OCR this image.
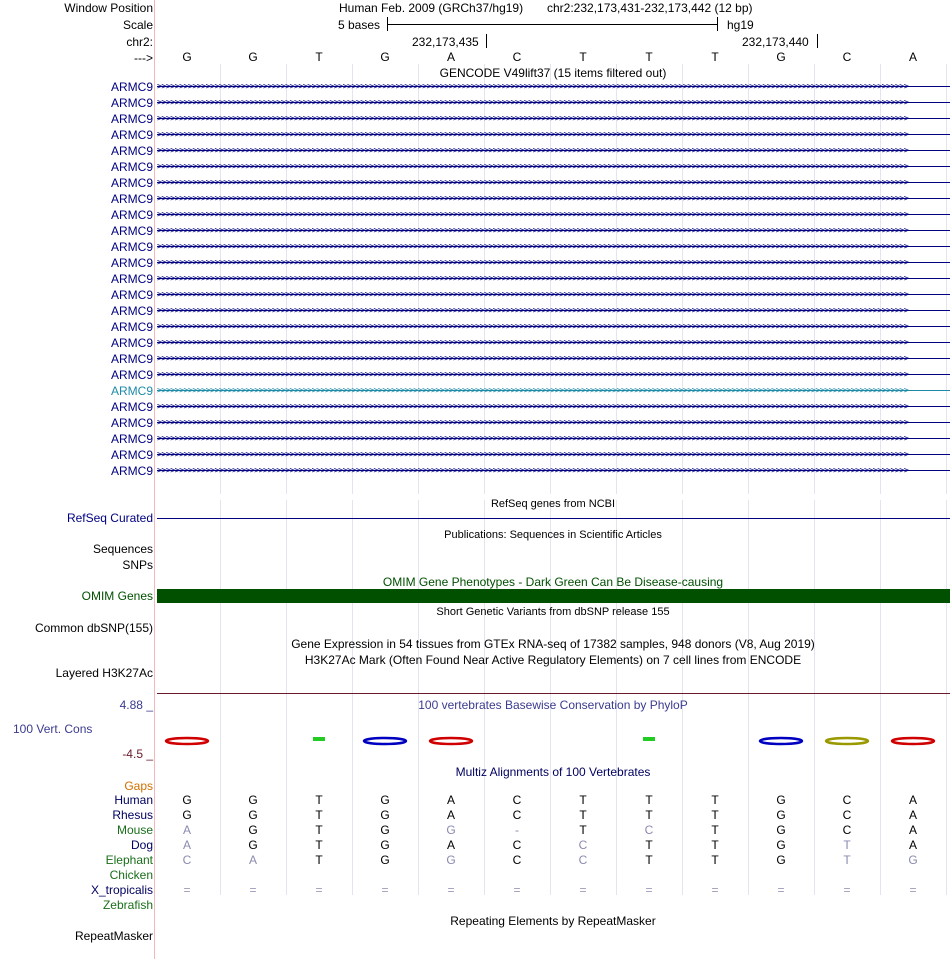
Window Position	Human Feb. 2009 (GRCh37/hg19) chr2:232,173,431-232,173,442 (12 bp)
Scale	5 bases	hg19
chr2:	232,173,435	232,173,440
--->	G	G	T	G	A	C	T	T	T	G	C	A
GENCODE V49lift37 (15 items filtered out)
ARMC9 >>>>>>>>>>>>>>>>>>>>>>>>>>>>>>>>>>>>>>>>>>>>>>>>>>>>>>>>>>>>>>>>>>>>>>>>>>>>>>>>>>>>>>>>>>>>>>>>>>>>>>>>>>>>>>>>>>>>>>>>>>>>>>>>>>>>>>>>>>>>>>>>>>>>>>>>>>>>>>>>>>>>>>>>>>
ARMC9 >>>>>>>>>>>>>>>>>>>>>>>>>>>>>>>>>>>>>>>>>>>>>>>>>>>>>>>>>>>>>>>>>>>>>>>>>>>>>>>>>>>>>>>>>>>>>>>>>>>>>>>>>>>>>>>>>>>>>>>>>>>>>>>>>>>>>>>>>>>>>>>>>>>>>>>>>>>>>>>>>>>>>>>>>>
ARMC9 >>>>>>>>>>>>>>>>>>>>>>>>>>>>>>>>>>>>>>>>>>>>>>>>>>>>>>>>>>>>>>>>>>>>>>>>>>>>>>>>>>>>>>>>>>>>>>>>>>>>>>>>>>>>>>>>>>>>>>>>>>>>>>>>>>>>>>>>>>>>>>>>>>>>>>>>>>>>>>>>>>>>>>>>>>
ARMC9 >>>>>>>>>>>>>>>>>>>>>>>>>>>>>>>>>>>>>>>>>>>>>>>>>>>>>>>>>>>>>>>>>>>>>>>>>>>>>>>>>>>>>>>>>>>>>>>>>>>>>>>>>>>>>>>>>>>>>>>>>>>>>>>>>>>>>>>>>>>>>>>>>>>>>>>>>>>>>>>>>>>>>>>>>>
ARMC9 >>>>>>>>>>>>>>>>>>>>>>>>>>>>>>>>>>>>>>>>>>>>>>>>>>>>>>>>>>>>>>>>>>>>>>>>>>>>>>>>>>>>>>>>>>>>>>>>>>>>>>>>>>>>>>>>>>>>>>>>>>>>>>>>>>>>>>>>>>>>>>>>>>>>>>>>>>>>>>>>>>>>>>>>>>
ARMC9 >>>>>>>>>>>>>>>>>>>>>>>>>>>>>>>>>>>>>>>>>>>>>>>>>>>>>>>>>>>>>>>>>>>>>>>>>>>>>>>>>>>>>>>>>>>>>>>>>>>>>>>>>>>>>>>>>>>>>>>>>>>>>>>>>>>>>>>>>>>>>>>>>>>>>>>>>>>>>>>>>>>>>>>>>>
ARMC9 >>>>>>>>>>>>>>>>>>>>>>>>>>>>>>>>>>>>>>>>>>>>>>>>>>>>>>>>>>>>>>>>>>>>>>>>>>>>>>>>>>>>>>>>>>>>>>>>>>>>>>>>>>>>>>>>>>>>>>>>>>>>>>>>>>>>>>>>>>>>>>>>>>>>>>>>>>>>>>>>>>>>>>>>>>
ARMC9 >>>>>>>>>>>>>>>>>>>>>>>>>>>>>>>>>>>>>>>>>>>>>>>>>>>>>>>>>>>>>>>>>>>>>>>>>>>>>>>>>>>>>>>>>>>>>>>>>>>>>>>>>>>>>>>>>>>>>>>>>>>>>>>>>>>>>>>>>>>>>>>>>>>>>>>>>>>>>>>>>>>>>>>>>>
ARMC9 >>>>>>>>>>>>>>>>>>>>>>>>>>>>>>>>>>>>>>>>>>>>>>>>>>>>>>>>>>>>>>>>>>>>>>>>>>>>>>>>>>>>>>>>>>>>>>>>>>>>>>>>>>>>>>>>>>>>>>>>>>>>>>>>>>>>>>>>>>>>>>>>>>>>>>>>>>>>>>>>>>>>>>>>>>
ARMC9 >>>>>>>>>>>>>>>>>>>>>>>>>>>>>>>>>>>>>>>>>>>>>>>>>>>>>>>>>>>>>>>>>>>>>>>>>>>>>>>>>>>>>>>>>>>>>>>>>>>>>>>>>>>>>>>>>>>>>>>>>>>>>>>>>>>>>>>>>>>>>>>>>>>>>>>>>>>>>>>>>>>>>>>>>>
ARMC9 >>>>>>>>>>>>>>>>>>>>>>>>>>>>>>>>>>>>>>>>>>>>>>>>>>>>>>>>>>>>>>>>>>>>>>>>>>>>>>>>>>>>>>>>>>>>>>>>>>>>>>>>>>>>>>>>>>>>>>>>>>>>>>>>>>>>>>>>>>>>>>>>>>>>>>>>>>>>>>>>>>>>>>>>>>
ARMC9 >>>>>>>>>>>>>>>>>>>>>>>>>>>>>>>>>>>>>>>>>>>>>>>>>>>>>>>>>>>>>>>>>>>>>>>>>>>>>>>>>>>>>>>>>>>>>>>>>>>>>>>>>>>>>>>>>>>>>>>>>>>>>>>>>>>>>>>>>>>>>>>>>>>>>>>>>>>>>>>>>>>>>>>>>>
ARMC9 >>>>>>>>>>>>>>>>>>>>>>>>>>>>>>>>>>>>>>>>>>>>>>>>>>>>>>>>>>>>>>>>>>>>>>>>>>>>>>>>>>>>>>>>>>>>>>>>>>>>>>>>>>>>>>>>>>>>>>>>>>>>>>>>>>>>>>>>>>>>>>>>>>>>>>>>>>>>>>>>>>>>>>>>>>
ARMC9 >>>>>>>>>>>>>>>>>>>>>>>>>>>>>>>>>>>>>>>>>>>>>>>>>>>>>>>>>>>>>>>>>>>>>>>>>>>>>>>>>>>>>>>>>>>>>>>>>>>>>>>>>>>>>>>>>>>>>>>>>>>>>>>>>>>>>>>>>>>>>>>>>>>>>>>>>>>>>>>>>>>>>>>>>>
ARMC9 >>>>>>>>>>>>>>>>>>>>>>>>>>>>>>>>>>>>>>>>>>>>>>>>>>>>>>>>>>>>>>>>>>>>>>>>>>>>>>>>>>>>>>>>>>>>>>>>>>>>>>>>>>>>>>>>>>>>>>>>>>>>>>>>>>>>>>>>>>>>>>>>>>>>>>>>>>>>>>>>>>>>>>>>>>
ARMC9 >>>>>>>>>>>>>>>>>>>>>>>>>>>>>>>>>>>>>>>>>>>>>>>>>>>>>>>>>>>>>>>>>>>>>>>>>>>>>>>>>>>>>>>>>>>>>>>>>>>>>>>>>>>>>>>>>>>>>>>>>>>>>>>>>>>>>>>>>>>>>>>>>>>>>>>>>>>>>>>>>>>>>>>>>>
ARMC9 >>>>>>>>>>>>>>>>>>>>>>>>>>>>>>>>>>>>>>>>>>>>>>>>>>>>>>>>>>>>>>>>>>>>>>>>>>>>>>>>>>>>>>>>>>>>>>>>>>>>>>>>>>>>>>>>>>>>>>>>>>>>>>>>>>>>>>>>>>>>>>>>>>>>>>>>>>>>>>>>>>>>>>>>>>
ARMC9 >>>>>>>>>>>>>>>>>>>>>>>>>>>>>>>>>>>>>>>>>>>>>>>>>>>>>>>>>>>>>>>>>>>>>>>>>>>>>>>>>>>>>>>>>>>>>>>>>>>>>>>>>>>>>>>>>>>>>>>>>>>>>>>>>>>>>>>>>>>>>>>>>>>>>>>>>>>>>>>>>>>>>>>>>>
ARMC9 >>>>>>>>>>>>>>>>>>>>>>>>>>>>>>>>>>>>>>>>>>>>>>>>>>>>>>>>>>>>>>>>>>>>>>>>>>>>>>>>>>>>>>>>>>>>>>>>>>>>>>>>>>>>>>>>>>>>>>>>>>>>>>>>>>>>>>>>>>>>>>>>>>>>>>>>>>>>>>>>>>>>>>>>>>
ARMC9 >>>>>>>>>>>>>>>>>>>>>>>>>>>>>>>>>>>>>>>>>>>>>>>>>>>>>>>>>>>>>>>>>>>>>>>>>>>>>>>>>>>>>>>>>>>>>>>>>>>>>>>>>>>>>>>>>>>>>>>>>>>>>>>>>>>>>>>>>>>>>>>>>>>>>>>>>>>>>>>>>>>>>>>>>>
ARMC9 >>>>>>>>>>>>>>>>>>>>>>>>>>>>>>>>>>>>>>>>>>>>>>>>>>>>>>>>>>>>>>>>>>>>>>>>>>>>>>>>>>>>>>>>>>>>>>>>>>>>>>>>>>>>>>>>>>>>>>>>>>>>>>>>>>>>>>>>>>>>>>>>>>>>>>>>>>>>>>>>>>>>>>>>>>
ARMC9 >>>>>>>>>>>>>>>>>>>>>>>>>>>>>>>>>>>>>>>>>>>>>>>>>>>>>>>>>>>>>>>>>>>>>>>>>>>>>>>>>>>>>>>>>>>>>>>>>>>>>>>>>>>>>>>>>>>>>>>>>>>>>>>>>>>>>>>>>>>>>>>>>>>>>>>>>>>>>>>>>>>>>>>>>>
ARMC9 >>>>>>>>>>>>>>>>>>>>>>>>>>>>>>>>>>>>>>>>>>>>>>>>>>>>>>>>>>>>>>>>>>>>>>>>>>>>>>>>>>>>>>>>>>>>>>>>>>>>>>>>>>>>>>>>>>>>>>>>>>>>>>>>>>>>>>>>>>>>>>>>>>>>>>>>>>>>>>>>>>>>>>>>>>
ARMC9 >>>>>>>>>>>>>>>>>>>>>>>>>>>>>>>>>>>>>>>>>>>>>>>>>>>>>>>>>>>>>>>>>>>>>>>>>>>>>>>>>>>>>>>>>>>>>>>>>>>>>>>>>>>>>>>>>>>>>>>>>>>>>>>>>>>>>>>>>>>>>>>>>>>>>>>>>>>>>>>>>>>>>>>>>>
ARMC9 >>>>>>>>>>>>>>>>>>>>>>>>>>>>>>>>>>>>>>>>>>>>>>>>>>>>>>>>>>>>>>>>>>>>>>>>>>>>>>>>>>>>>>>>>>>>>>>>>>>>>>>>>>>>>>>>>>>>>>>>>>>>>>>>>>>>>>>>>>>>>>>>>>>>>>>>>>>>>>>>>>>>>>>>>>
RefSeq genes from NCBI
RefSeq Curated
Publications: Sequences in Scientific Articles
Sequences
SNPs
OMIM Gene Phenotypes - Dark Green Can Be Disease-causing
OMIM Genes
Short Genetic Variants from dbSNP release 155
Common dbSNP(155)
Gene Expression in 54 tissues from GTEx RNA-seq of 17382 samples, 948 donors (V8, Aug 2019)
H3K27Ac Mark (Often Found Near Active Regulatory Elements) on 7 cell lines from ENCODE
Layered H3K27Ac
100 vertebrates Basewise Conservation by PhyloP
4.88 _
100 Vert. Cons
-4.5 _
Multiz Alignments of 100 Vertebrates
Gaps
Human	G	G	T	G	A	C	T	T	T	G	C	A
Rhesus	G	G	T	G	A	C	T	T	T	G	C	A
Mouse	A	G	T	G	G	-	T	C	T	G	C	A
Dog	A	G	T	G	A	C	C	T	T	G	T	A
Elephant	C	A	T	G	G	C	C	T	T	G	T	G
Chicken
X_tropicalis	=	=	=	=	=	=	=	=	=	=	=	=
Zebrafish
Repeating Elements by RepeatMasker
RepeatMasker
